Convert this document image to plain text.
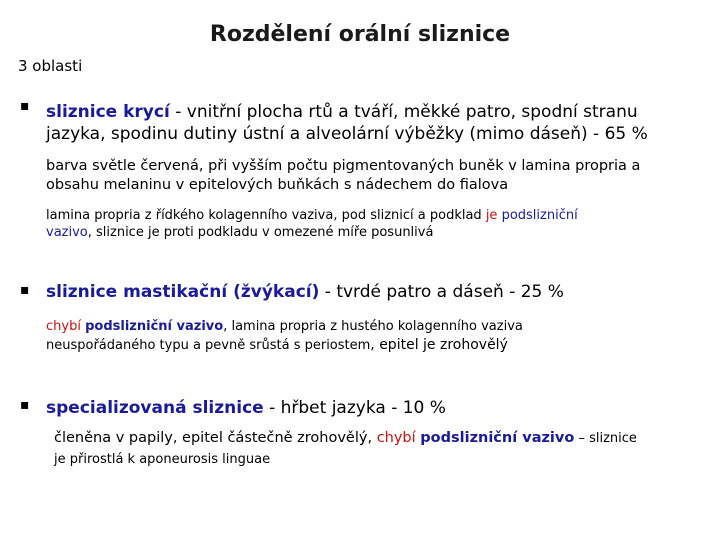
Rozdělení orální sliznice
3 oblasti
▪ sliznice krycí - vnitřní plocha rtů a tváří, měkké patro, spodní stranu
jazyka, spodinu dutiny ústní a alveolární výběžky (mimo dáseň) - 65 %
barva světle červená, při vyšším počtu pigmentovaných buněk v lamina propria a
obsahu melaninu v epitelových buňkách s nádechem do fialova
lamina propria z řídkého kolagenního vaziva, pod sliznicí a podklad je podslizniční
vazivo, sliznice je proti podkladu v omezené míře posunlivá
▪ sliznice mastikační (žvýkací) - tvrdé patro a dáseň - 25 %
chybí podslizniční vazivo, lamina propria z hustého kolagenního vaziva
neuspořádaného typu a pevně srůstá s periostem, epitel je zrohovělý
▪ specializovaná sliznice - hřbet jazyka - 10 %
členěna v papily, epitel částečně zrohovělý, chybí podslizniční vazivo – sliznice
je přirostlá k aponeurosis linguae
